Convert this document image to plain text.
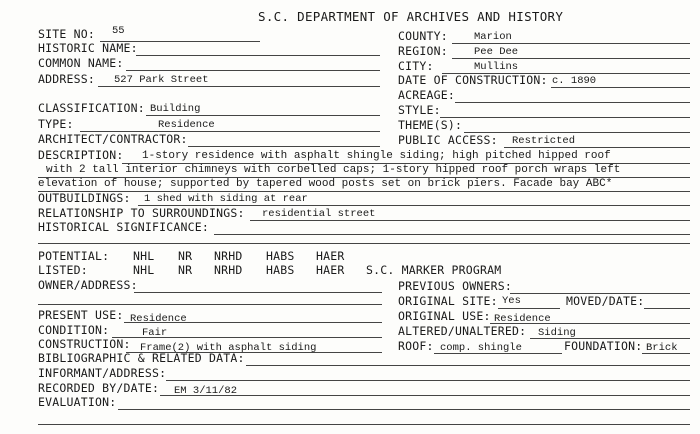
S.C. DEPARTMENT OF ARCHIVES AND HISTORY
SITE NO: 55
HISTORIC NAME:
COMMON NAME:
ADDRESS: 527 Park Street
CLASSIFICATION: Building
TYPE:	Residence
ARCHITECT/CONTRACTOR:
COUNTY: Marion
REGION: Pee Dee
CITY:	Mullins
DATE OF CONSTRUCTION: c. 1890
ACREAGE:
STYLE:
THEME(S):
PUBLIC ACCESS: Restricted
DESCRIPTION: 1-story residence with asphalt shingle siding; high pitched hipped roof
with 2 tall interior chimneys with corbelled caps; 1-story hipped roof porch wraps left
elevation of house; supported by tapered wood posts set on brick piers. Facade bay ABC*
OUTBUILDINGS: 1 shed with siding at rear
RELATIONSHIP TO SURROUNDINGS: residential street
HISTORICAL SIGNIFICANCE:
POTENTIAL: NHL NR NRHD HABS HAER
LISTED:	NHL NR NRHD HABS HAER S.C. MARKER PROGRAM
OWNER/ADDRESS:	PREVIOUS OWNERS:
ORIGINAL SITE: Yes	MOVED/DATE:
PRESENT USE: Residence	ORIGINAL USE: Residence
CONDITION:	Fair	ALTERED/UNALTERED: Siding
CONSTRUCTION: Frame(2) with asphalt siding	ROOF: comp. shingle	FOUNDATION: Brick
BIBLIOGRAPHIC & RELATED DATA:
INFORMANT/ADDRESS:
RECORDED BY/DATE: EM 3/11/82
EVALUATION:
